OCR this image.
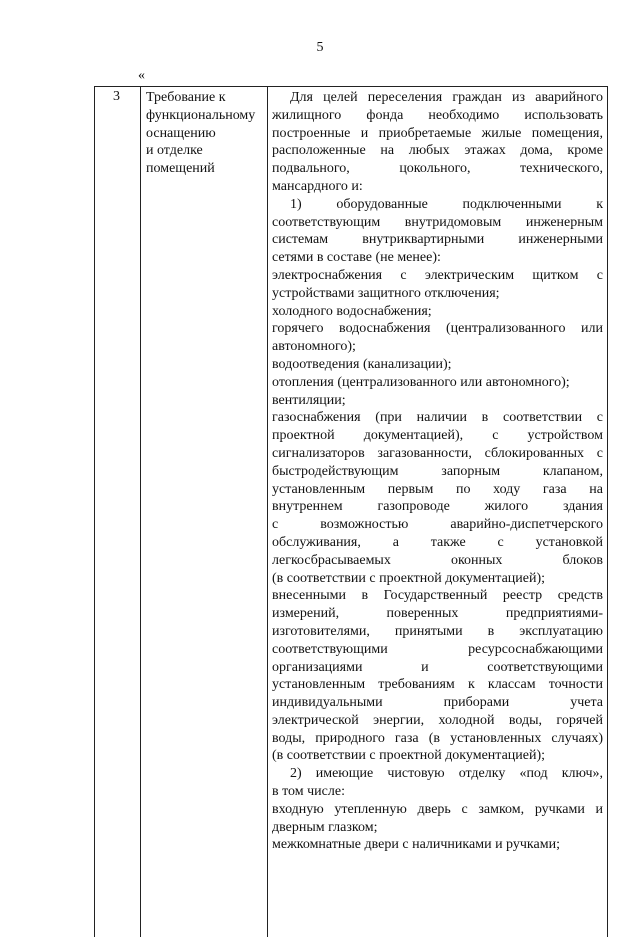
5
«
3 Требование к
функциональному
оснащению
и отделке
помещений
Для целей переселения граждан из аварийного
жилищного фонда необходимо использовать
построенные и приобретаемые жилые помещения,
расположенные на любых этажах дома, кроме
подвального, цокольного, технического,
мансардного и:
1) оборудованные подключенными к
соответствующим внутридомовым инженерным
системам внутриквартирными инженерными
сетями в составе (не менее):
электроснабжения с электрическим щитком с
устройствами защитного отключения;
холодного водоснабжения;
горячего водоснабжения (централизованного или
автономного);
водоотведения (канализации);
отопления (централизованного или автономного);
вентиляции;
газоснабжения (при наличии в соответствии с
проектной документацией), с устройством
сигнализаторов загазованности, сблокированных с
быстродействующим запорным клапаном,
установленным первым по ходу газа на
внутреннем газопроводе жилого здания
с возможностью аварийно-диспетчерского
обслуживания, а также с установкой
легкосбрасываемых оконных блоков
(в соответствии с проектной документацией);
внесенными в Государственный реестр средств
измерений, поверенных предприятиями-
изготовителями, принятыми в эксплуатацию
соответствующими ресурсоснабжающими
организациями и соответствующими
установленным требованиям к классам точности
индивидуальными приборами учета
электрической энергии, холодной воды, горячей
воды, природного газа (в установленных случаях)
(в соответствии с проектной документацией);
2) имеющие чистовую отделку «под ключ»,
в том числе:
входную утепленную дверь с замком, ручками и
дверным глазком;
межкомнатные двери с наличниками и ручками;
